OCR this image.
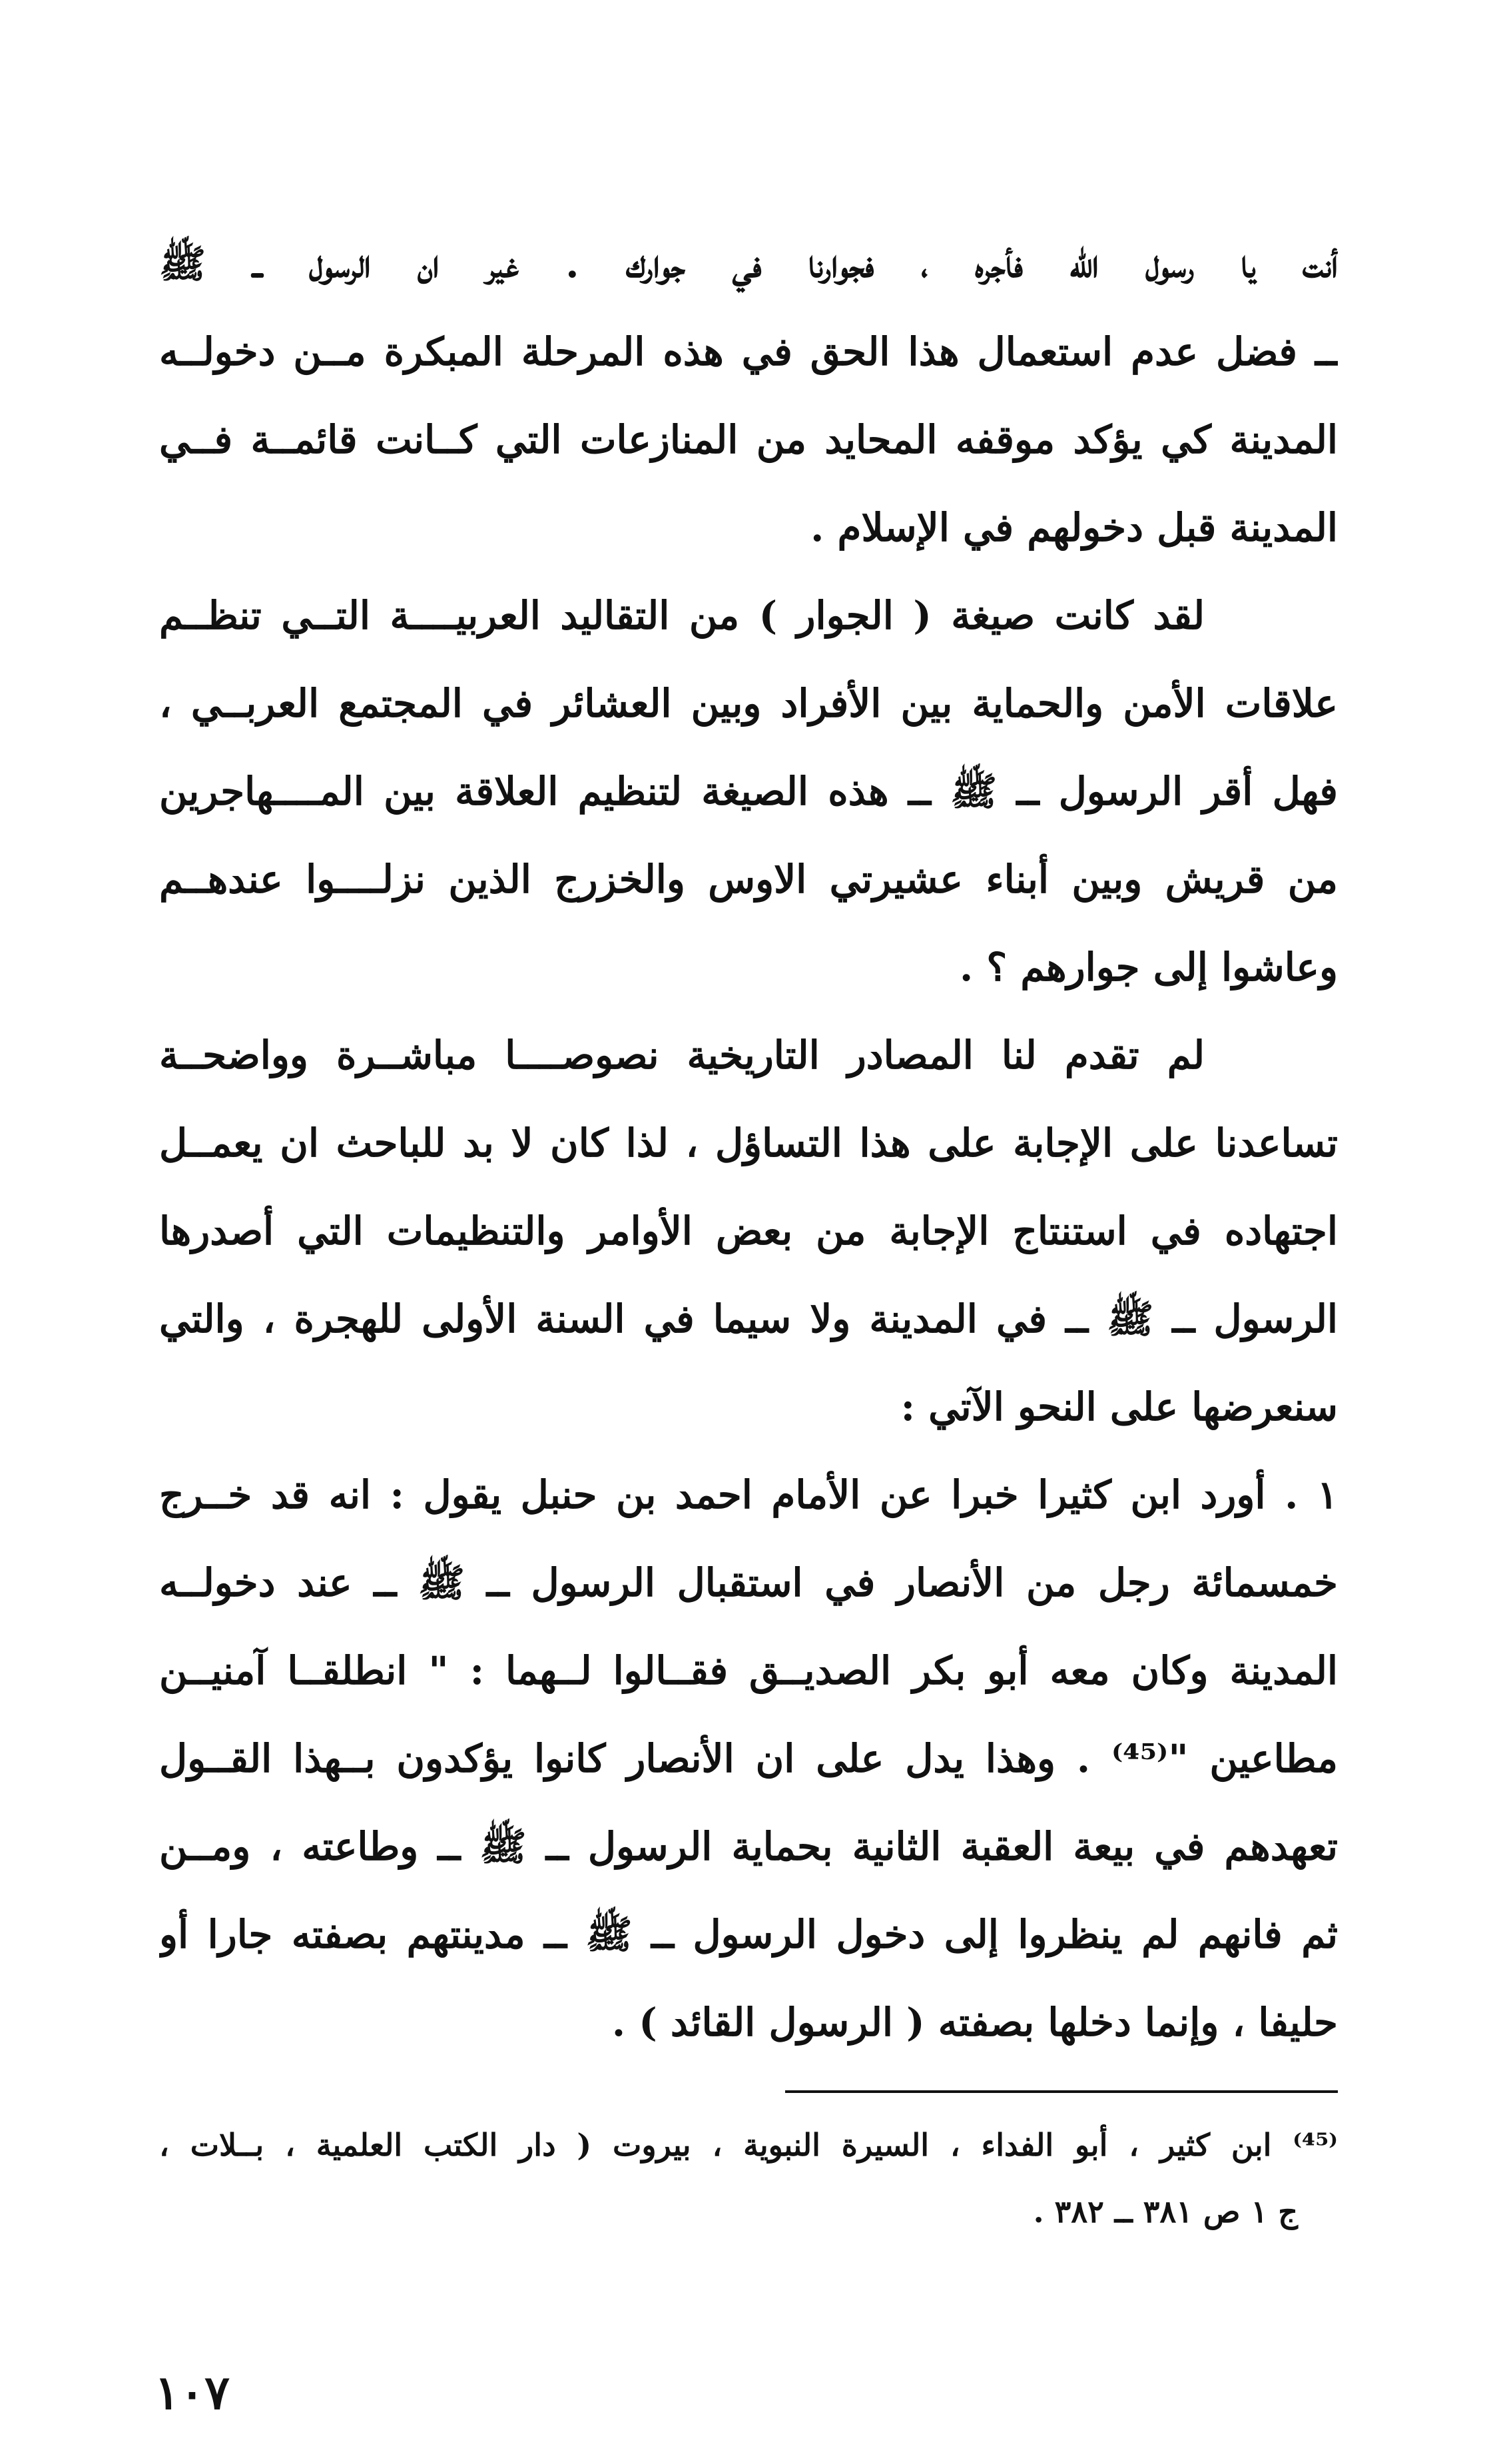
أنت يا رسول الله فأجره ، فجوارنا في جوارك . غير ان الرسول ــ ﷺ
ــ فضل عدم استعمال هذا الحق في هذه المرحلة المبكرة مــن دخولــه
المدينة كي يؤكد موقفه المحايد من المنازعات التي كــانت قائمــة فــي
المدينة قبل دخولهم في الإسلام .
لقد كانت صيغة ( الجوار ) من التقاليد العربيــــة التــي تنظــم
علاقات الأمن والحماية بين الأفراد وبين العشائر في المجتمع العربــي ،
فهل أقر الرسول ــ ﷺ ــ هذه الصيغة لتنظيم العلاقة بين المــــهاجرين
من قريش وبين أبناء عشيرتي الاوس والخزرج الذين نزلــــوا عندهــم
وعاشوا إلى جوارهم ؟ .
لم تقدم لنا المصادر التاريخية نصوصــــا مباشــرة وواضحــة
تساعدنا على الإجابة على هذا التساؤل ، لذا كان لا بد للباحث ان يعمــل
اجتهاده في استنتاج الإجابة من بعض الأوامر والتنظيمات التي أصدرها
الرسول ــ ﷺ ــ في المدينة ولا سيما في السنة الأولى للهجرة ، والتي
سنعرضها على النحو الآتي :
١ . أورد ابن كثيرا خبرا عن الأمام احمد بن حنبل يقول : انه قد خــرج
خمسمائة رجل من الأنصار في استقبال الرسول ــ ﷺ ــ عند دخولــه
المدينة وكان معه أبو بكر الصديــق فقــالوا لــهما : " انطلقــا آمنيــن
مطاعين "⁽⁴⁵⁾ . وهذا يدل على ان الأنصار كانوا يؤكدون بــهذا القــول
تعهدهم في بيعة العقبة الثانية بحماية الرسول ــ ﷺ ــ وطاعته ، ومــن
ثم فانهم لم ينظروا إلى دخول الرسول ــ ﷺ ــ مدينتهم بصفته جارا أو
حليفا ، وإنما دخلها بصفته ( الرسول القائد ) .
⁽⁴⁵⁾ ابن كثير ، أبو الفداء ، السيرة النبوية ، بيروت ( دار الكتب العلمية ، بــلات ،
ج ١ ص ٣٨١ ــ ٣٨٢ .
١٠٧
